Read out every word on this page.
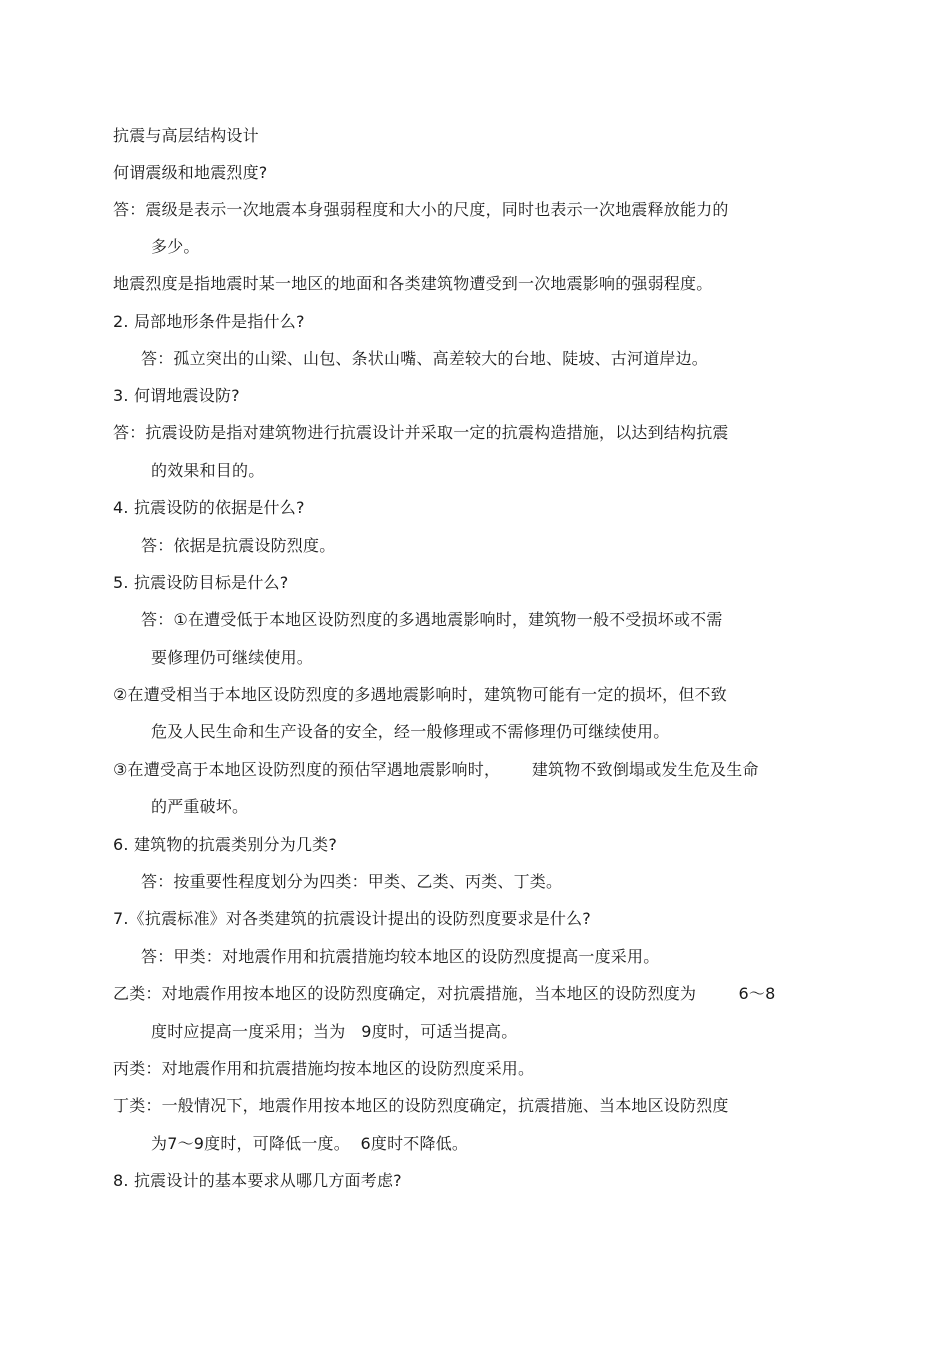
抗震与高层结构设计
何谓震级和地震烈度?
答：震级是表示一次地震本身强弱程度和大小的尺度，同时也表示一次地震释放能力的
多少。
地震烈度是指地震时某一地区的地面和各类建筑物遭受到一次地震影响的强弱程度。
2. 局部地形条件是指什么?
答：孤立突出的山梁、山包、条状山嘴、高差较大的台地、陡坡、古河道岸边。
3. 何谓地震设防?
答：抗震设防是指对建筑物进行抗震设计并采取一定的抗震构造措施，以达到结构抗震
的效果和目的。
4. 抗震设防的依据是什么?
答：依据是抗震设防烈度。
5. 抗震设防目标是什么?
答：①在遭受低于本地区设防烈度的多遇地震影响时，建筑物一般不受损坏或不需
要修理仍可继续使用。
②在遭受相当于本地区设防烈度的多遇地震影响时，建筑物可能有一定的损坏，但不致
危及人民生命和生产设备的安全，经一般修理或不需修理仍可继续使用。
③在遭受高于本地区设防烈度的预估罕遇地震影响时，      建筑物不致倒塌或发生危及生命
的严重破坏。
6. 建筑物的抗震类别分为几类?
答：按重要性程度划分为四类：甲类、乙类、丙类、丁类。
7.《抗震标准》对各类建筑的抗震设计提出的设防烈度要求是什么?
答：甲类：对地震作用和抗震措施均较本地区的设防烈度提高一度采用。
乙类：对地震作用按本地区的设防烈度确定，对抗震措施，当本地区的设防烈度为        6～8
度时应提高一度采用；当为   9度时，可适当提高。
丙类：对地震作用和抗震措施均按本地区的设防烈度采用。
丁类：一般情况下，地震作用按本地区的设防烈度确定，抗震措施、当本地区设防烈度
为7～9度时，可降低一度。  6度时不降低。
8. 抗震设计的基本要求从哪几方面考虑?
